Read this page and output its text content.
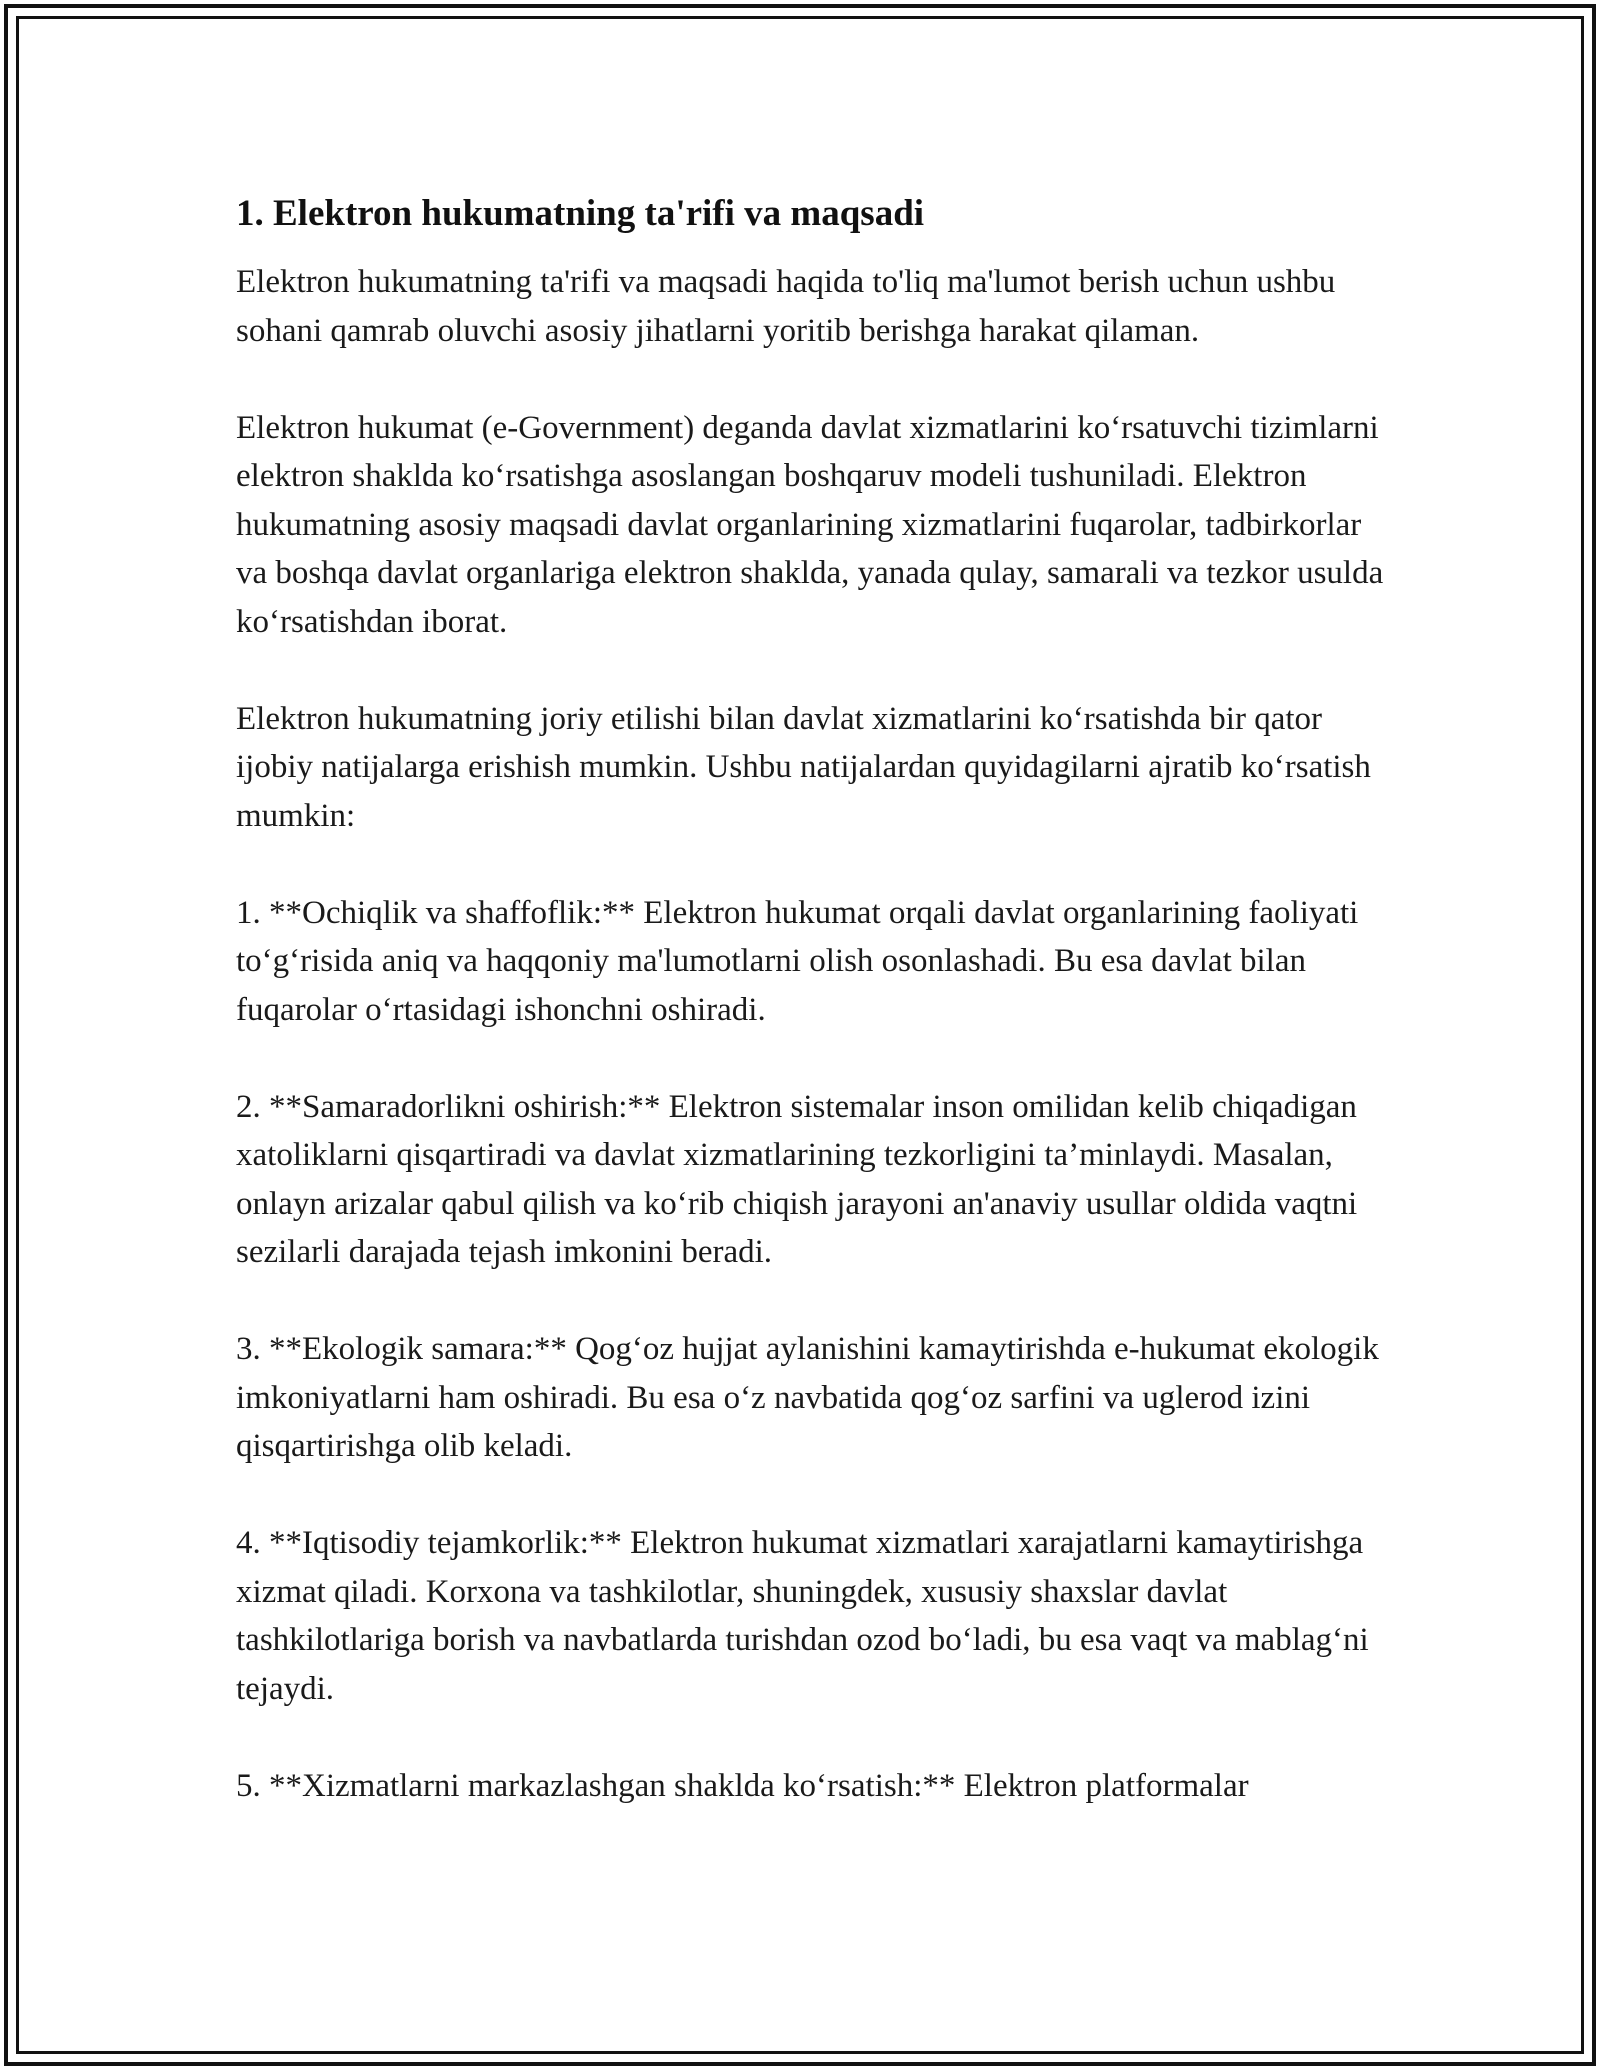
1. Elektron hukumatning ta'rifi va maqsadi

Elektron hukumatning ta'rifi va maqsadi haqida to'liq ma'lumot berish uchun ushbu sohani qamrab oluvchi asosiy jihatlarni yoritib berishga harakat qilaman.

Elektron hukumat (e-Government) deganda davlat xizmatlarini ko‘rsatuvchi tizimlarni elektron shaklda ko‘rsatishga asoslangan boshqaruv modeli tushuniladi. Elektron hukumatning asosiy maqsadi davlat organlarining xizmatlarini fuqarolar, tadbirkorlar va boshqa davlat organlariga elektron shaklda, yanada qulay, samarali va tezkor usulda ko‘rsatishdan iborat.

Elektron hukumatning joriy etilishi bilan davlat xizmatlarini ko‘rsatishda bir qator ijobiy natijalarga erishish mumkin. Ushbu natijalardan quyidagilarni ajratib ko‘rsatish mumkin:

1. **Ochiqlik va shaffoflik:** Elektron hukumat orqali davlat organlarining faoliyati to‘g‘risida aniq va haqqoniy ma'lumotlarni olish osonlashadi. Bu esa davlat bilan fuqarolar o‘rtasidagi ishonchni oshiradi.

2. **Samaradorlikni oshirish:** Elektron sistemalar inson omilidan kelib chiqadigan xatoliklarni qisqartiradi va davlat xizmatlarining tezkorligini ta’minlaydi. Masalan, onlayn arizalar qabul qilish va ko‘rib chiqish jarayoni an'anaviy usullar oldida vaqtni sezilarli darajada tejash imkonini beradi.

3. **Ekologik samara:** Qog‘oz hujjat aylanishini kamaytirishda e-hukumat ekologik imkoniyatlarni ham oshiradi. Bu esa o‘z navbatida qog‘oz sarfini va uglerod izini qisqartirishga olib keladi.

4. **Iqtisodiy tejamkorlik:** Elektron hukumat xizmatlari xarajatlarni kamaytirishga xizmat qiladi. Korxona va tashkilotlar, shuningdek, xususiy shaxslar davlat tashkilotlariga borish va navbatlarda turishdan ozod bo‘ladi, bu esa vaqt va mablag‘ni tejaydi.

5. **Xizmatlarni markazlashgan shaklda ko‘rsatish:** Elektron platformalar
